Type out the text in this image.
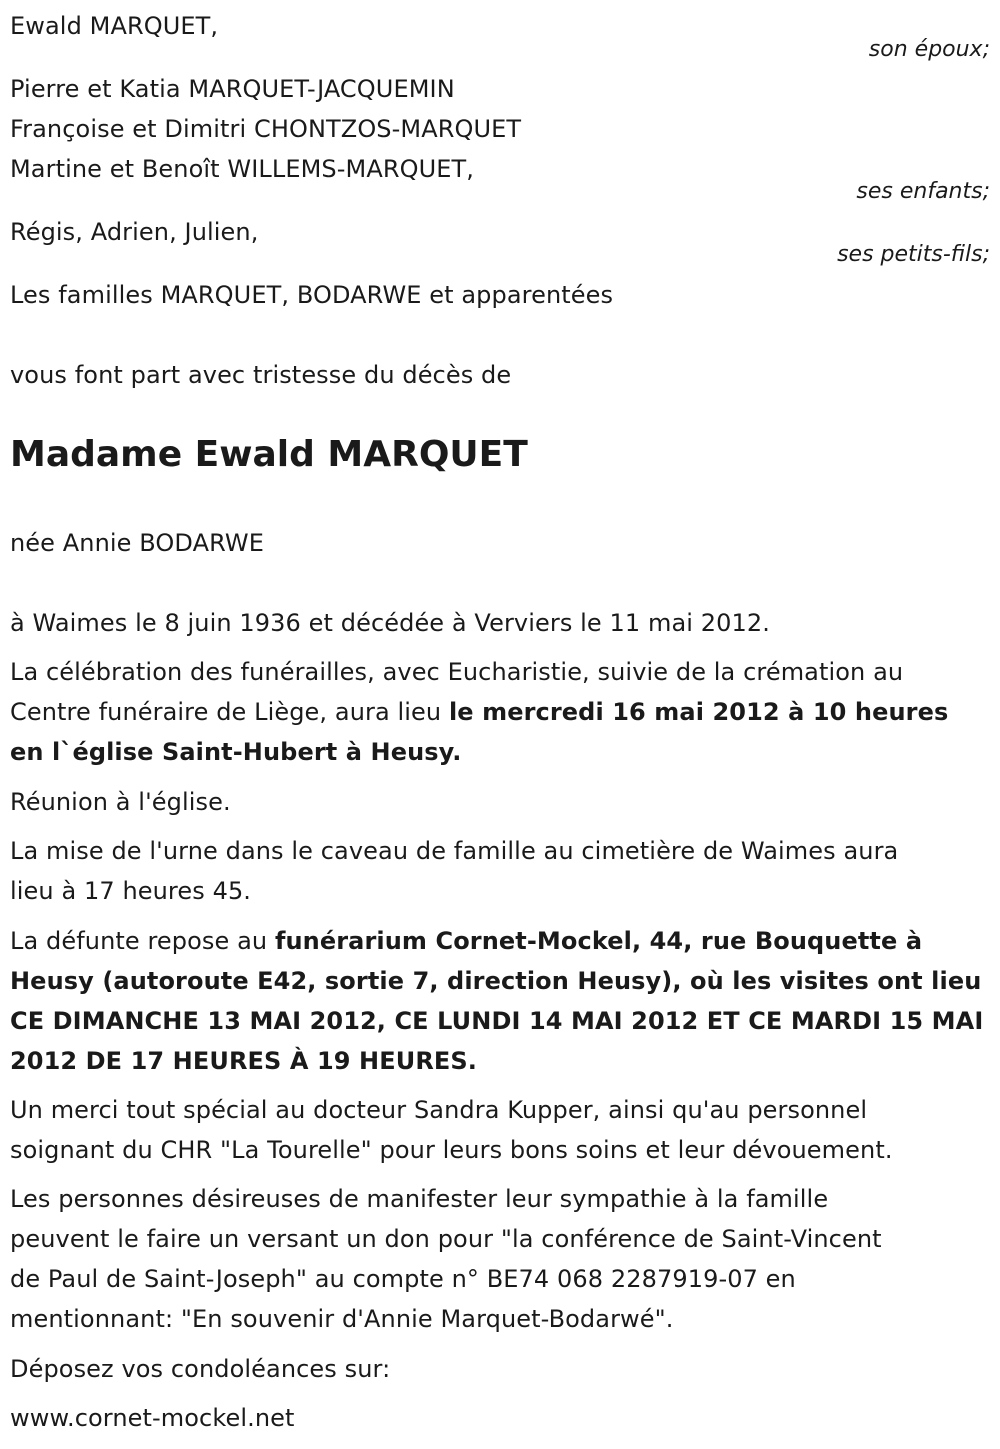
Ewald MARQUET,
son époux;
Pierre et Katia MARQUET-JACQUEMIN
Françoise et Dimitri CHONTZOS-MARQUET
Martine et Benoît WILLEMS-MARQUET,
ses enfants;
Régis, Adrien, Julien,
ses petits-fils;
Les familles MARQUET, BODARWE et apparentées
vous font part avec tristesse du décès de
Madame Ewald MARQUET
née Annie BODARWE
à Waimes le 8 juin 1936 et décédée à Verviers le 11 mai 2012.
La célébration des funérailles, avec Eucharistie, suivie de la crémation au
Centre funéraire de Liège, aura lieu le mercredi 16 mai 2012 à 10 heures
en l`église Saint-Hubert à Heusy.
Réunion à l'église.
La mise de l'urne dans le caveau de famille au cimetière de Waimes aura
lieu à 17 heures 45.
La défunte repose au funérarium Cornet-Mockel, 44, rue Bouquette à
Heusy (autoroute E42, sortie 7, direction Heusy), où les visites ont lieu
CE DIMANCHE 13 MAI 2012, CE LUNDI 14 MAI 2012 ET CE MARDI 15 MAI
2012 DE 17 HEURES À 19 HEURES.
Un merci tout spécial au docteur Sandra Kupper, ainsi qu'au personnel
soignant du CHR "La Tourelle" pour leurs bons soins et leur dévouement.
Les personnes désireuses de manifester leur sympathie à la famille
peuvent le faire un versant un don pour "la conférence de Saint-Vincent
de Paul de Saint-Joseph" au compte n° BE74 068 2287919-07 en
mentionnant: "En souvenir d'Annie Marquet-Bodarwé".
Déposez vos condoléances sur:
www.cornet-mockel.net
